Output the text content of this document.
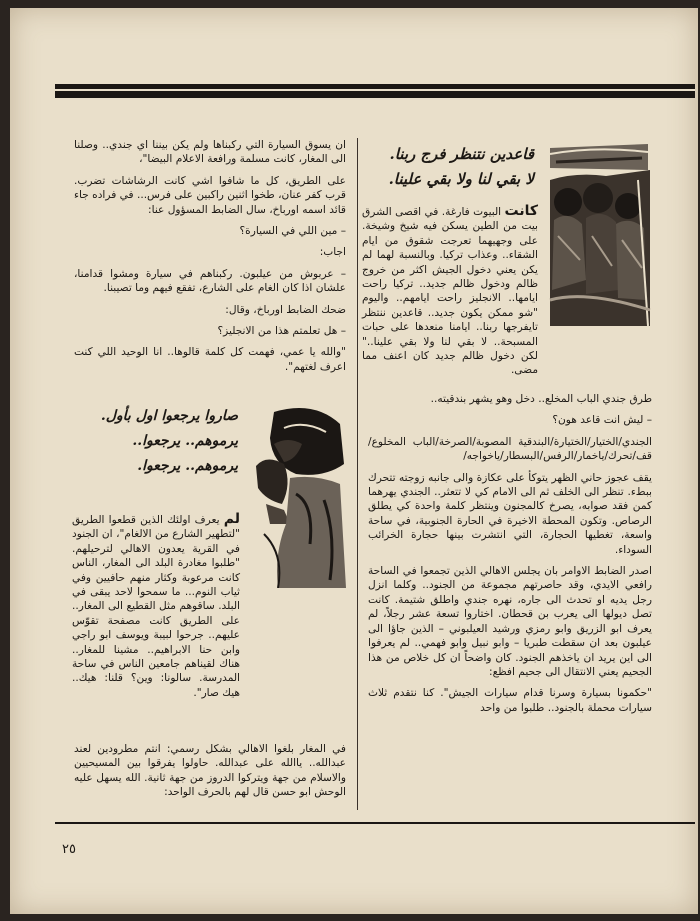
قاعدين نتنظر فرج ربنا.
لا بقي لنا ولا بقي علينا.

كانت البيوت فارغة. في اقصى الشرق بيت من الطين يسكن فيه شيخ وشيخة. على وجهيهما تعرجت شقوق من ايام الشقاء.. وعذاب تركيا. وبالنسبة لهما لم يكن يعني دخول الجيش اكثر من خروج ظالم ودخول ظالم جديد.. تركيا راحت ايامها.. الانجليز راحت ايامهم.. واليوم "شو ممكن يكون جديد.. قاعدين ننتظر تايفرجها ربنا.. ايامنا منعدها على حبات المسبحة.. لا بقي لنا ولا بقي علينا.." لكن دخول ظالم جديد كان اعنف مما مضى.

طرق جندي الباب المخلع.. دخل وهو يشهر بندقيته..

– ليش انت قاعد هون؟

الجندي/الختيار/الختيارة/البندقية المصوبة/الصرخة/الباب المخلوع/ قف/تحرك/ياخمار/الرفس/البسطار/ياخواجه/

يقف عجوز حاني الظهر يتوكأ على عكازة والى جانبه زوجته تتحرك ببطء. تنظر الى الخلف ثم الى الامام كي لا تتعثر.. الجندي يهرهما كمن فقد صوابه، يصرخ كالمجنون وينتظر كلمة واحدة كي يطلق الرصاص. وتكون المحطة الاخيرة في الحارة الجنوبية، في ساحة واسعة، تغطيها الحجارة، التي انتشرت بينها حجارة الخرائب السوداء.

اصدر الضابط الاوامر بان يجلس الاهالي الذين تجمعوا في الساحة رافعي الايدي، وقد حاصرتهم مجموعة من الجنود.. وكلما انزل رجل يديه او تحدث الى جاره، نهره جندي واطلق شتيمة. كانت تصل ديولها الى يعرب بن قحطان. اختاروا تسعة عشر رجلاً، لم يعرف ابو الزريق وابو رمزي ورشيد العيلبوني – الذين جاؤا الى عيلبون بعد ان سقطت طبريا – وابو نبيل وابو فهمي.. لم يعرفوا الى اين يريد ان ياخذهم الجنود. كان واضحاً ان كل خلاص من هذا الجحيم يعني الانتقال الى جحيم افظع:

"حكمونا بسيارة وسرنا قدام سيارات الجيش". كنا نتقدم ثلاث سيارات محملة بالجنود.. طلبوا من واحد

ان يسوق السيارة التي ركبناها ولم يكن بيننا اي جندي.. وصلنا الى المغار، كانت مسلمة ورافعة الاعلام البيضا"،

على الطريق، كل ما شافوا اشي كانت الرشاشات تضرب. قرب كفر عنان، طخوا اثنين راكبين على فرس... في فراده جاء قائد اسمه اورباخ، سال الضابط المسؤول عنا:

– مين اللي في السيارة؟

اجاب:

– عربوش من عيلبون. ركبناهم في سيارة ومشوا قدامنا، علشان اذا كان الغام على الشارع، تفقع فيهم وما تصيبنا.

ضحك الضابط اورباخ، وقال:

– هل تعلمتم هذا من الانجليز؟

"والله يا عمي، فهمت كل كلمة قالوها.. انا الوحيد اللي كنت اعرف لغتهم".

صاروا يرجعوا اول بأول.
يرموهم.. يرجعوا..
يرموهم.. يرجعوا.

لم يعرف اولئك الذين قطعوا الطريق "لتطهير الشارع من الالغام"، ان الجنود في القرية يعدون الاهالي لترحيلهم. "طلبوا مغادرة البلد الى المغار، الناس كانت مرعوبة وكثار منهم حافيين وفي ثياب النوم... ما سمحوا لاحد يبقى في البلد. ساقوهم مثل القطيع الى المغار.. على الطريق كانت مصفحة تقوّس عليهم.. جرحوا لبيبة ويوسف ابو راجي وابن حنا الابراهيم.. مشينا للمغار.. هناك لقيناهم جامعين الناس في ساحة المدرسة. سالونا: وين؟ قلنا: هيك.. هيك صار".

في المغار بلغوا الاهالي بشكل رسمي: انتم مطرودين لعند عبدالله.. ياالله على عبدالله. حاولوا يفرقوا بين المسيحيين والاسلام من جهة ويتركوا الدروز من جهة ثانية. الله يسهل عليه الوحش ابو حسن قال لهم بالحرف الواحد:

٢٥
